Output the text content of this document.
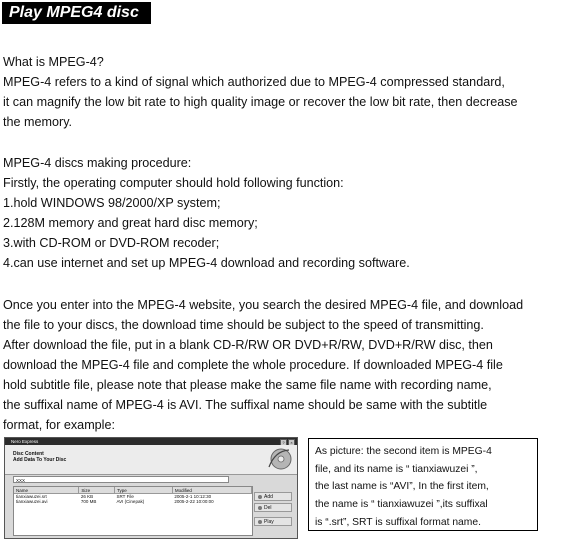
Play MPEG4 disc
What is MPEG-4?
MPEG-4 refers to a kind of signal which authorized due to MPEG-4 compressed standard,
it can magnify the low bit rate to high quality image or recover the low bit rate, then decrease
the memory.
MPEG-4 discs making procedure:
Firstly, the operating computer should hold following function:
1.hold WINDOWS 98/2000/XP system;
2.128M memory and great hard disc memory;
3.with CD-ROM or DVD-ROM recoder;
4.can use internet and set up MPEG-4 download and recording software.
Once you enter into the MPEG-4 website, you search the desired MPEG-4 file, and download
the file to your discs, the download time should be subject to the speed of transmitting.
After download the file, put in a blank CD-R/RW OR DVD+R/RW, DVD+R/RW disc, then
download the MPEG-4 file and complete the whole procedure. If downloaded MPEG-4 file
hold subtitle file, please note that please make the same file name with recording name,
the suffixal name of MPEG-4 is AVI. The suffixal name should be same with the subtitle
format, for example:
Nero Express	?	×
Disc Content
Add Data To Your Disc
XXX
Name	Size	Type	Modified
tianxiawuzei.srt	26 KB	SRT File	2005-2-1 10:12:30
tianxiawuzei.avi	700 MB	AVI (Cinepak)	2005-2-22 10:00:00
Add
Del
Play
As picture: the second item is MPEG-4
file, and its name is “ tianxiawuzei ”,
the last name is “AVI”, In the first item,
the name is “ tianxiawuzei ”,its suffixal
is “.srt”, SRT is suffixal format name.
